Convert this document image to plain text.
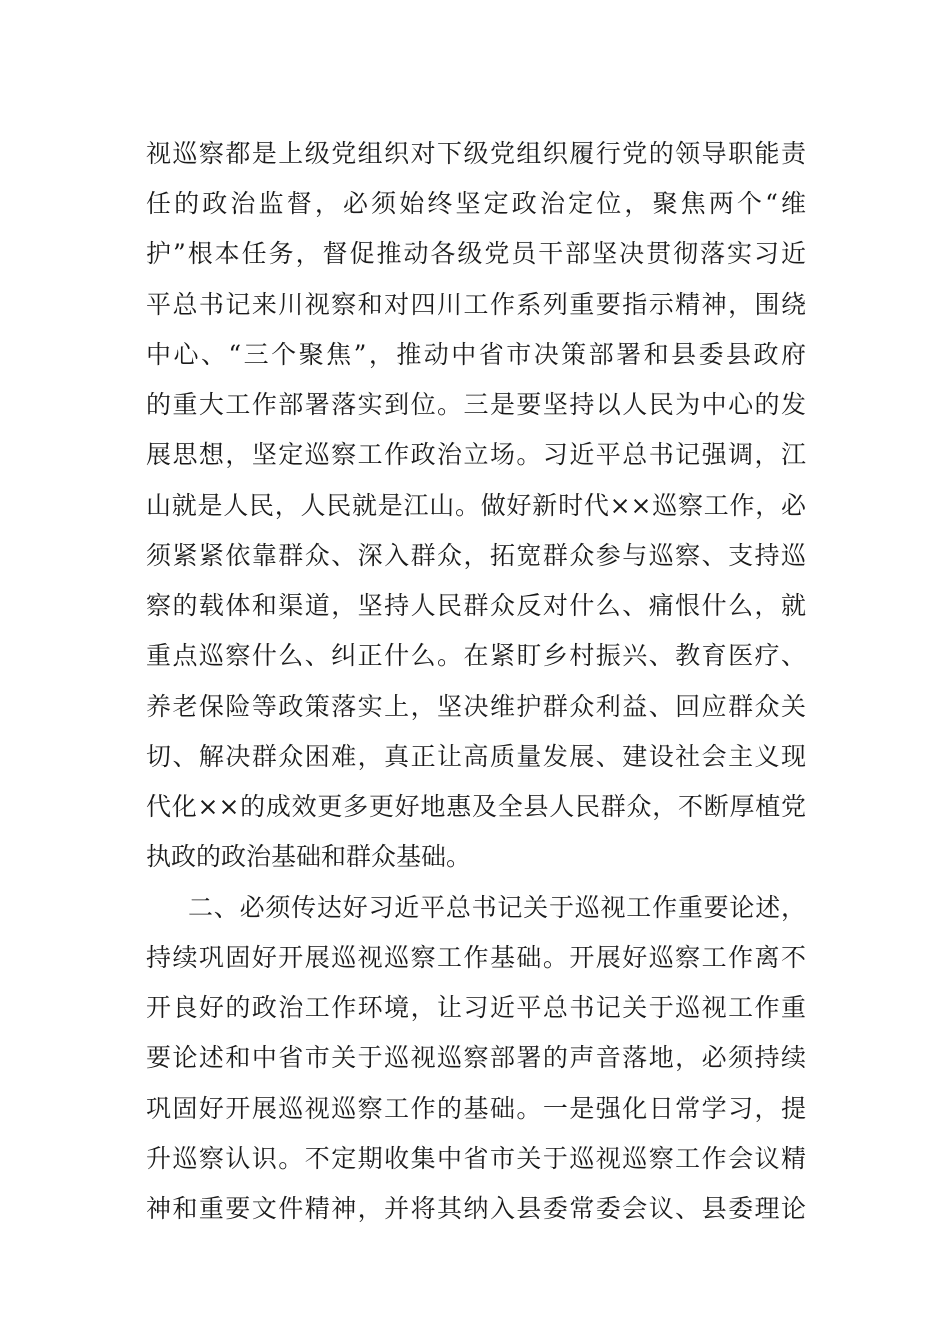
视巡察都是上级党组织对下级党组织履行党的领导职能责
任的政治监督，必须始终坚定政治定位，聚焦两个“维
护”根本任务，督促推动各级党员干部坚决贯彻落实习近
平总书记来川视察和对四川工作系列重要指示精神，围绕
中心、“三个聚焦”，推动中省市决策部署和县委县政府
的重大工作部署落实到位。三是要坚持以人民为中心的发
展思想，坚定巡察工作政治立场。习近平总书记强调，江
山就是人民，人民就是江山。做好新时代××巡察工作，必
须紧紧依靠群众、深入群众，拓宽群众参与巡察、支持巡
察的载体和渠道，坚持人民群众反对什么、痛恨什么，就
重点巡察什么、纠正什么。在紧盯乡村振兴、教育医疗、
养老保险等政策落实上，坚决维护群众利益、回应群众关
切、解决群众困难，真正让高质量发展、建设社会主义现
代化××的成效更多更好地惠及全县人民群众，不断厚植党
执政的政治基础和群众基础。
二、必须传达好习近平总书记关于巡视工作重要论述，
持续巩固好开展巡视巡察工作基础。开展好巡察工作离不
开良好的政治工作环境，让习近平总书记关于巡视工作重
要论述和中省市关于巡视巡察部署的声音落地，必须持续
巩固好开展巡视巡察工作的基础。一是强化日常学习，提
升巡察认识。不定期收集中省市关于巡视巡察工作会议精
神和重要文件精神，并将其纳入县委常委会议、县委理论
